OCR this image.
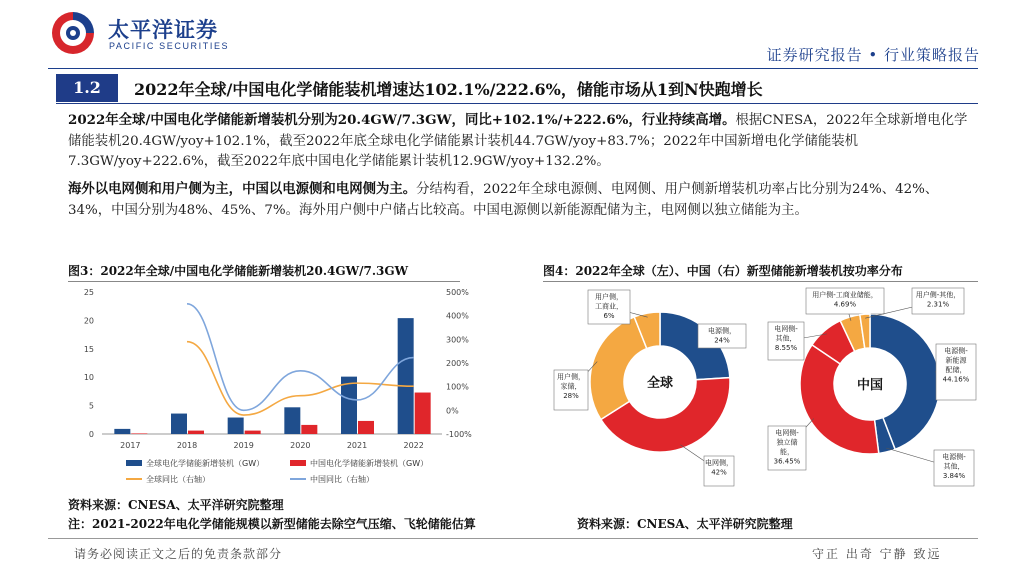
太平洋证券
PACIFIC SECURITIES	证券研究报告 • 行业策略报告
1.2	2022年全球/中国电化学储能装机增速达102.1%/222.6%，储能市场从1到N快跑增长
2022年全球/中国电化学储能新增装机分别为20.4GW/7.3GW，同比+102.1%/+222.6%，行业持续高增。根据CNESA，2022年全球新增电化学储能装机20.4GW/yoy+102.1%，截至2022年底全球电化学储能累计装机44.7GW/yoy+83.7%；2022年中国新增电化学储能装机7.3GW/yoy+222.6%，截至2022年底中国电化学储能累计装机12.9GW/yoy+132.2%。
海外以电网侧和用户侧为主，中国以电源侧和电网侧为主。分结构看，2022年全球电源侧、电网侧、用户侧新增装机功率占比分别为24%、42%、34%，中国分别为48%、45%、7%。海外用户侧中户储占比较高。中国电源侧以新能源配储为主，电网侧以独立储能为主。
图3：2022年全球/中国电化学储能新增装机20.4GW/7.3GW	图4：2022年全球（左）、中国（右）新型储能新增装机按功率分布
0
5
10
15
20
25
-100%
0%
100%
200%
300%
400%
500%
2017	2018	2019	2020	2021	2022
全球电化学储能新增装机（GW）	中国电化学储能新增装机（GW）
全球同比（右轴）	中国同比（右轴）
电源侧，
24%
电网侧，
42%
用户侧，
家储，
28%
用户侧，
工商业，
6%
全球
电源侧-
新能源
配储，
44.16%
电源侧-
其他，
3.84%
电网侧-
独立储
能，
36.45%
电网侧-
其他，
8.55%
用户侧-工商业储能，
4.69%
用户侧-其他，
2.31%
中国
资料来源：CNESA、太平洋研究院整理
注：2021-2022年电化学储能规模以新型储能去除空气压缩、飞轮储能估算	资料来源：CNESA、太平洋研究院整理
请务必阅读正文之后的免责条款部分	守正 出奇 宁静 致远
